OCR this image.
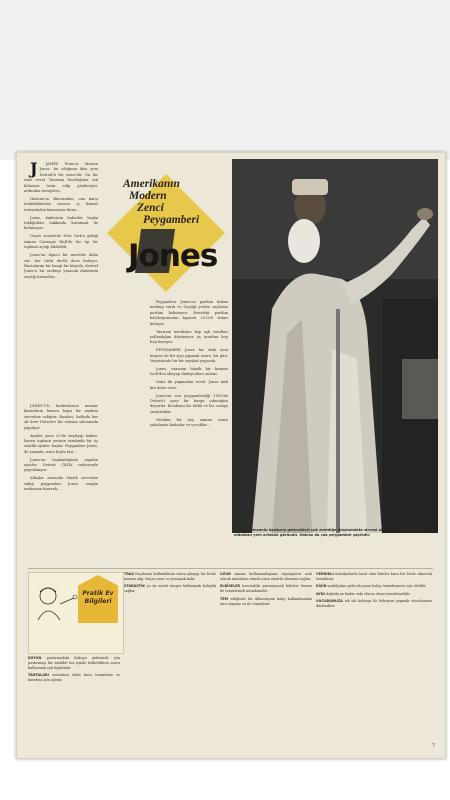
J JAMES Francis Marion Jones, bu odağının ikisi yeni Detroit'li bir zenci'dir. On bir sene evvel 'Tanrının Dostluğuna' aid bilineniz tezin edip gönderiyor, ardından tavsiyeler...

Haziran'ın ölmesinden, ona karşı tenkidilimlerin sonucu iç ilimsel tereyninden kazançtan biraz...

Jones, dinlerinin haberler başka tebliğatları hakkında kurumsal de bulunuyor...

Geçen senelerde New York'a gittiği zaman Carnegie Hall'de bir tıp bir toplantı açtığı bildirildi.

Jones'un ilginci bir mertebe daha var: her türlü dertle deva buluyor. Hastalarını bir hangi bir köşede, dertsel Jones'a bir mektup yazacak dinlerinin seçtiği hizmetler...

JONES'UN herkeslerine memur kimselerin hemen hepsi bir madeni servetine sahiptir. Bazıları, haftada her alt kere Detroit'e bir sinema salonunda yapılıyor.

Ayinler gece 20'de başlayıp hakim, İsmen toplantı yerinin etrafında bir üç saatlik ayinler başlar. Peygamber Jones, 40 yaşında, uzun boylu biri...

Jones'un başkanlığında yapılan ayinler, Detroit CKLW radyosuyla yayınlanıyor.

Alkışlar arasında büyük servetine sahip peygamber Jones, zengin arabasına binerek...

Amerikanın
Modern
Zenci
Peygamberi
Jones

Peygamber Jones'un parfüm kokan mektup vardı ve Geçtiği yerler, saçlarını parfüm kokutuyor. Evindeki parfüm koleksiyonunun kıymeti 20.000 doları buluyor.

Tanrının kendisine hep aşk tarafları yollandığını düşünüyor, üç taraftan hep hep bezoyor.

PEYGAMBER Jones bir defa yeni beşinci de bir şeyi yapmak üzere, bir gün: Yeryüzünde bir bir seyahat yapacak.

Jones, vaazının büyük bir kısmını İncil'den okuyup dinleyicilere anlatır.

Daha iki yapmadan evvel, Jones kırk bin dolar verir.

Jones'un son peygamberliği 1950'de Detroit'i içine bir kavga çıkacağını duyurdu. Kendisini bir tütkü ve bir cezaya çarptırdılar.

Nitekim bir taşı zaman sonra yakalanan kadınlar ve çocuklar...

Bir çok kimsenin kazlarını gelecekleri çok eveldiğe düşünmekte zirvesi olan oldu. Köklükte bir göz olduktan yeni ortaklık göründü. Haklısı da çok peygamber şöyledir.
Pratik Ev Bilgileri

KOYUN pastırmadeki kokuyu gidermek için pastırmayı bir müddet tuz içinde beklettikten sonra kullanmak çok faydalıdır.

TAHTALARI muhafaza tekin kuru temizleme ve kurutma için işlenir.

TRAŞ fırçalarını kullandıktan sonra yıkayıp bir bezle nemini alıp, fırçası yeni ve yumuşak kalır.

STARASTİK ya da nemli sünger kullanmak kolaylık sağlar.

UZUN zaman kullanmadığımız süpürgeleri asılı olarak muhafaza etmek uzun ömürlü olmasını sağlar.

ELBİSELER üzerindeki yanmayacak lekeleri benzin ile temizlemek mümkündür.

TEM sidiğinde bir Allüminyum kalıp kullanılmadan önce kaynar su ile temizlenir.

VERNİKLİ mobilyalarda hasıl olan lekeler kuru bir bezle silinerek temizlenir.

KİŞİN mobilyaları gelecek yazın kolay temizlenmesi için örtülür.

AYNI doğuda ne kadar eski olursa olsun temizlenebilir.

VUCUDUNUZA sık sık kolonya ile friksiyon yapmak vücudunuzu dinlendirir.

7
